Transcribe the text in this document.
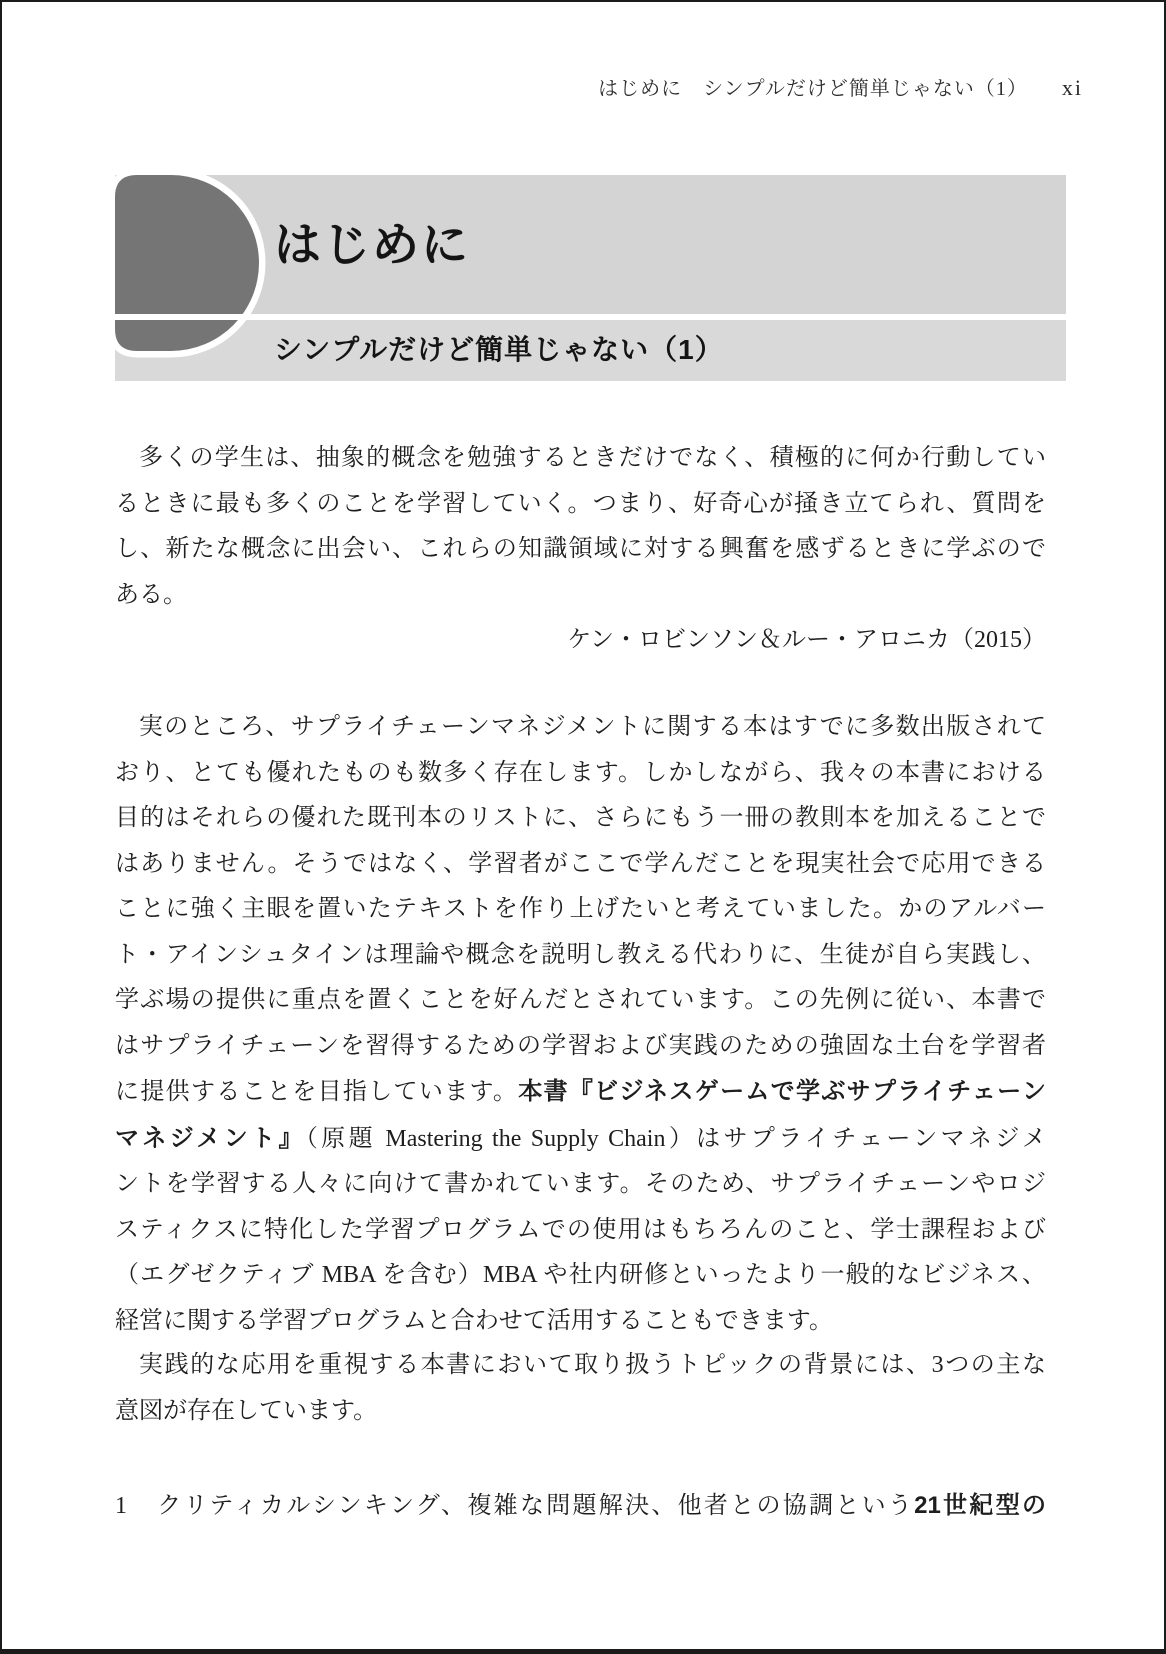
はじめに　シンプルだけど簡単じゃない（1） xi
はじめに
シンプルだけど簡単じゃない（1）

多くの学生は、抽象的概念を勉強するときだけでなく、積極的に何か行動してい

るときに最も多くのことを学習していく。つまり、好奇心が掻き立てられ、質問を

し、新たな概念に出会い、これらの知識領域に対する興奮を感ずるときに学ぶので

ある。

ケン・ロビンソン＆ルー・アロニカ（2015）

実のところ、サプライチェーンマネジメントに関する本はすでに多数出版されて

おり、とても優れたものも数多く存在します。しかしながら、我々の本書における

目的はそれらの優れた既刊本のリストに、さらにもう一冊の教則本を加えることで

はありません。そうではなく、学習者がここで学んだことを現実社会で応用できる

ことに強く主眼を置いたテキストを作り上げたいと考えていました。かのアルバー

ト・アインシュタインは理論や概念を説明し教える代わりに、生徒が自ら実践し、

学ぶ場の提供に重点を置くことを好んだとされています。この先例に従い、本書で

はサプライチェーンを習得するための学習および実践のための強固な土台を学習者

に提供することを目指しています。本書『ビジネスゲームで学ぶサプライチェーン

マネジメント』（原題 Mastering the Supply Chain）はサプライチェーンマネジメ

ントを学習する人々に向けて書かれています。そのため、サプライチェーンやロジ

スティクスに特化した学習プログラムでの使用はもちろんのこと、学士課程および

（エグゼクティブ MBA を含む）MBA や社内研修といったより一般的なビジネス、

経営に関する学習プログラムと合わせて活用することもできます。

実践的な応用を重視する本書において取り扱うトピックの背景には、3つの主な

意図が存在しています。

1 クリティカルシンキング、複雑な問題解決、他者との協調という21世紀型の
